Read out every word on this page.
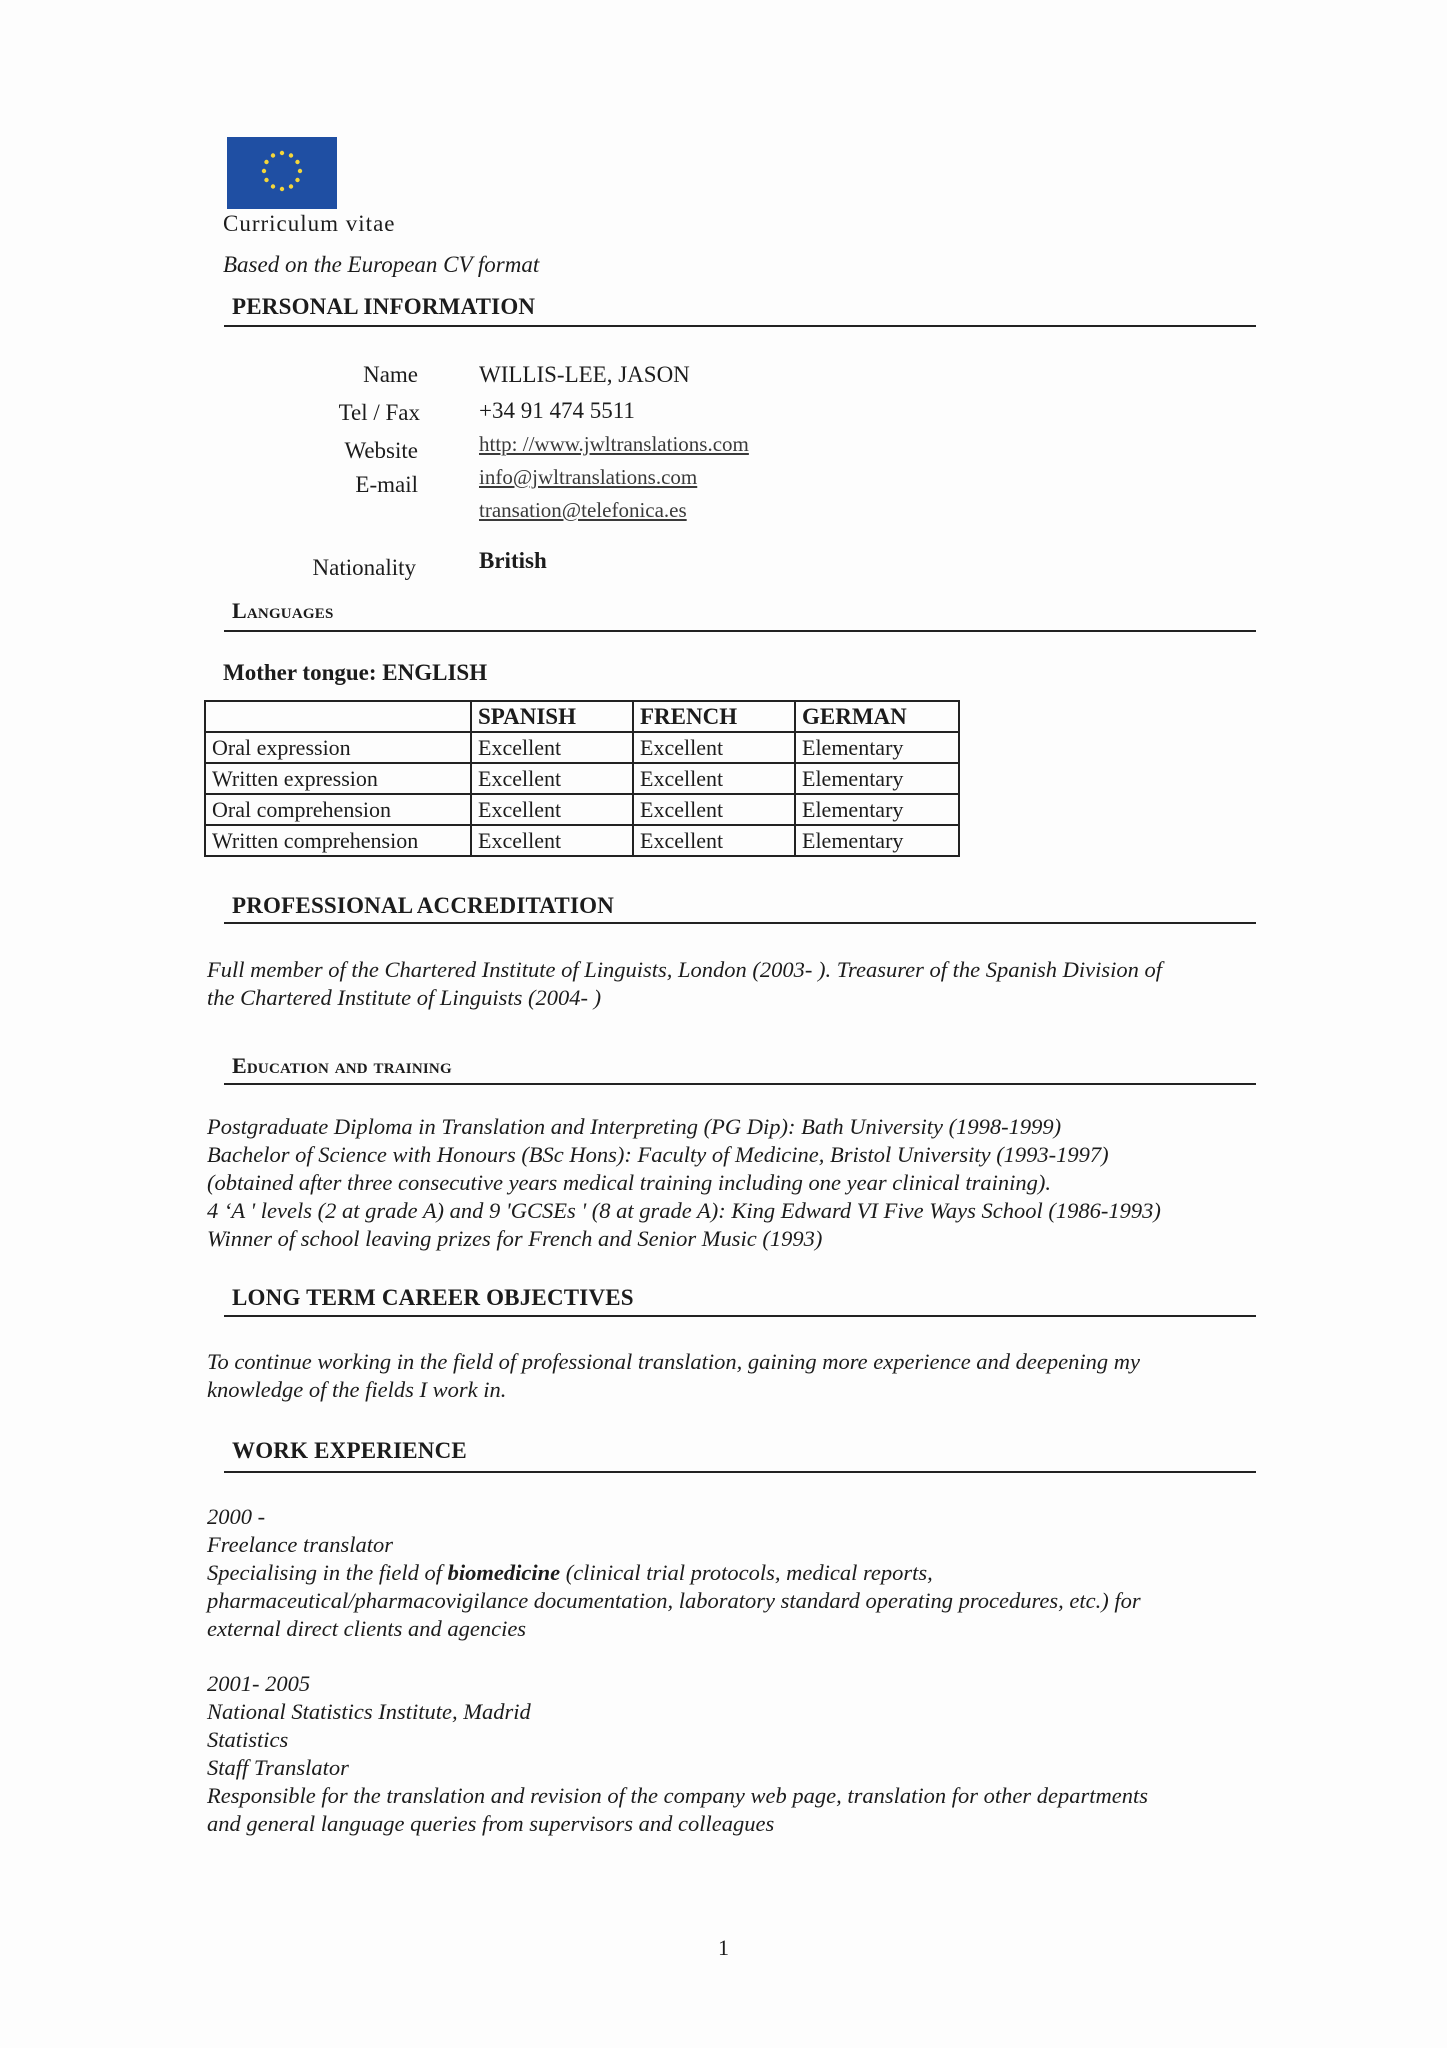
Curriculum vitae
Based on the European CV format
PERSONAL INFORMATION
Name	WILLIS-LEE, JASON
Tel / Fax	+34 91 474 5511
Website	http: //www.jwltranslations.com
E-mail	info@jwltranslations.com
transation@telefonica.es
Nationality	British
Languages
Mother tongue: ENGLISH
	SPANISH	FRENCH	GERMAN
Oral expression	Excellent	Excellent	Elementary
Written expression	Excellent	Excellent	Elementary
Oral comprehension	Excellent	Excellent	Elementary
Written comprehension	Excellent	Excellent	Elementary
PROFESSIONAL ACCREDITATION
Full member of the Chartered Institute of Linguists, London (2003- ). Treasurer of the Spanish Division of
the Chartered Institute of Linguists (2004- )
Education and training
Postgraduate Diploma in Translation and Interpreting (PG Dip): Bath University (1998-1999)
Bachelor of Science with Honours (BSc Hons): Faculty of Medicine, Bristol University (1993-1997)
(obtained after three consecutive years medical training including one year clinical training).
4 ‘A ' levels (2 at grade A) and 9 'GCSEs ' (8 at grade A): King Edward VI Five Ways School (1986-1993)
Winner of school leaving prizes for French and Senior Music (1993)
LONG TERM CAREER OBJECTIVES
To continue working in the field of professional translation, gaining more experience and deepening my
knowledge of the fields I work in.
WORK EXPERIENCE
2000 -
Freelance translator
Specialising in the field of biomedicine (clinical trial protocols, medical reports,
pharmaceutical/pharmacovigilance documentation, laboratory standard operating procedures, etc.) for
external direct clients and agencies
2001- 2005
National Statistics Institute, Madrid
Statistics
Staff Translator
Responsible for the translation and revision of the company web page, translation for other departments
and general language queries from supervisors and colleagues
1
